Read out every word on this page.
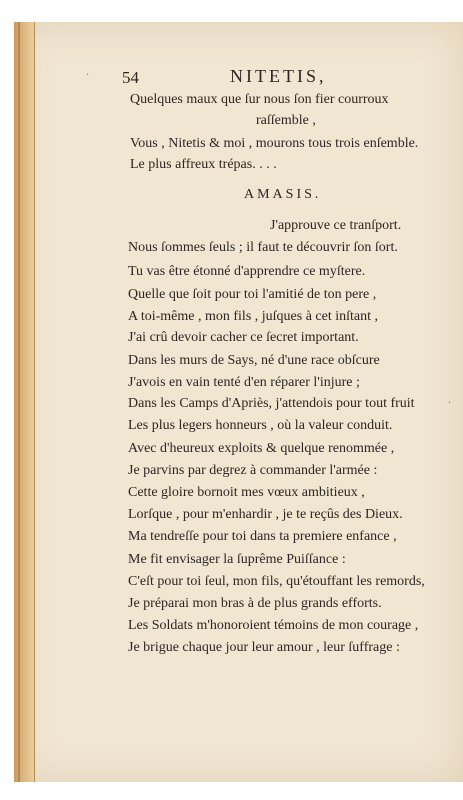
54	NITETIS,
Quelques maux que ſur nous ſon fier courroux
raſſemble ,
Vous , Nitetis & moi , mourons tous trois enſemble.
Le plus affreux trépas. . . .
AMASIS.
J'approuve ce tranſport.
Nous ſommes ſeuls ; il faut te découvrir ſon ſort.
Tu vas être étonné d'apprendre ce myſtere.
Quelle que ſoit pour toi l'amitié de ton pere ,
A toi-même , mon fils , juſques à cet inſtant ,
J'ai crû devoir cacher ce ſecret important.
Dans les murs de Says, né d'une race obſcure
J'avois en vain tenté d'en réparer l'injure ;
Dans les Camps d'Apriès, j'attendois pour tout fruit
Les plus legers honneurs , où la valeur conduit.
Avec d'heureux exploits & quelque renommée ,
Je parvins par degrez à commander l'armée :
Cette gloire bornoit mes vœux ambitieux ,
Lorſque , pour m'enhardir , je te reçûs des Dieux.
Ma tendreſſe pour toi dans ta premiere enfance ,
Me fit envisager la ſuprême Puiſſance :
C'eſt pour toi ſeul, mon fils, qu'étouffant les remords,
Je préparai mon bras à de plus grands efforts.
Les Soldats m'honoroient témoins de mon courage ,
Je brigue chaque jour leur amour , leur ſuffrage :
·
·
